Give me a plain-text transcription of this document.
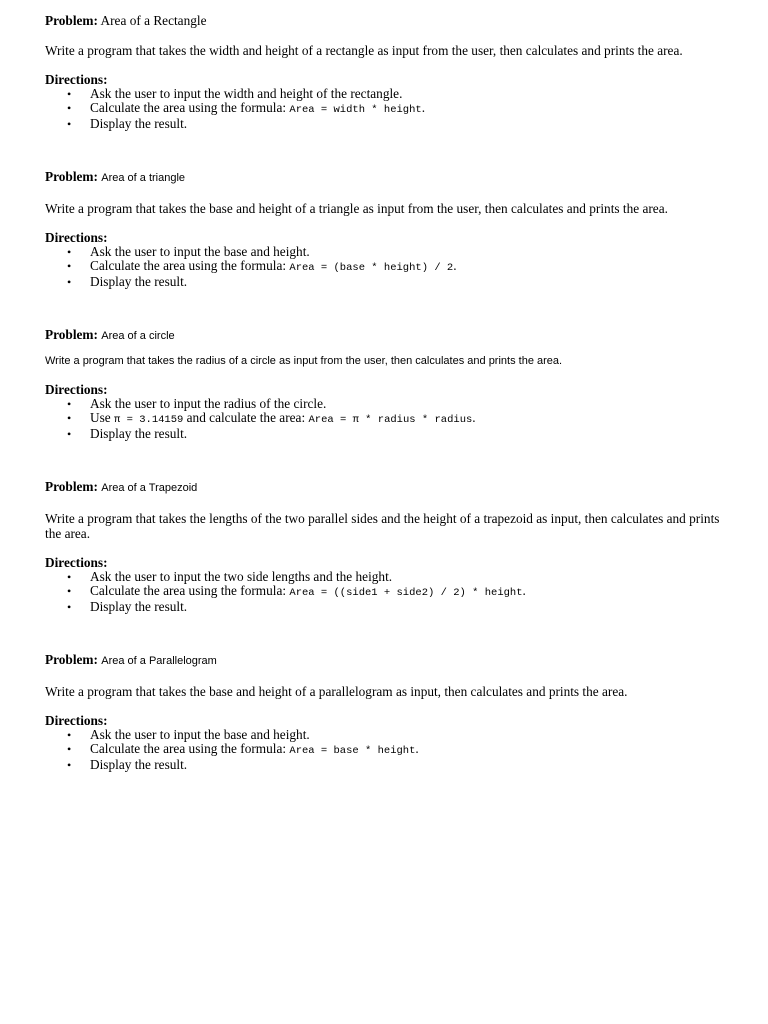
Problem: Area of a Rectangle

Write a program that takes the width and height of a rectangle as input from the user, then calculates and prints the area.

Directions:

• Ask the user to input the width and height of the rectangle.
• Calculate the area using the formula: Area = width * height.
• Display the result.

Problem: Area of a triangle

Write a program that takes the base and height of a triangle as input from the user, then calculates and prints the area.

Directions:

• Ask the user to input the base and height.
• Calculate the area using the formula: Area = (base * height) / 2.
• Display the result.

Problem: Area of a circle

Write a program that takes the radius of a circle as input from the user, then calculates and prints the area.

Directions:

• Ask the user to input the radius of the circle.
• Use π = 3.14159 and calculate the area: Area = π * radius * radius.
• Display the result.

Problem: Area of a Trapezoid

Write a program that takes the lengths of the two parallel sides and the height of a trapezoid as input, then calculates and prints the area.

Directions:

• Ask the user to input the two side lengths and the height.
• Calculate the area using the formula: Area = ((side1 + side2) / 2) * height.
• Display the result.

Problem: Area of a Parallelogram

Write a program that takes the base and height of a parallelogram as input, then calculates and prints the area.

Directions:

• Ask the user to input the base and height.
• Calculate the area using the formula: Area = base * height.
• Display the result.
